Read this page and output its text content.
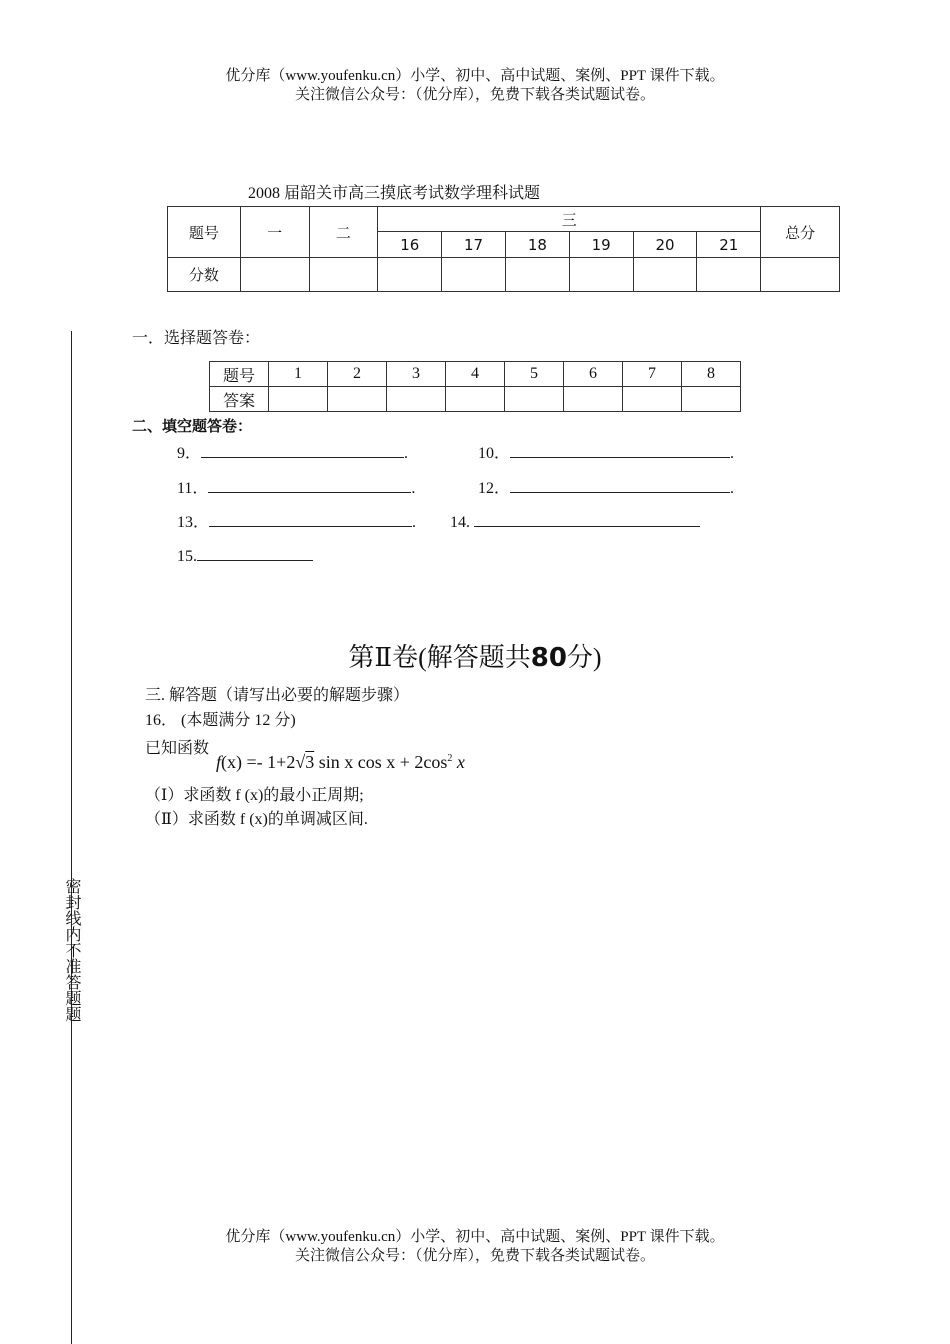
优分库（www.youfenku.cn）小学、初中、高中试题、案例、PPT 课件下载。
关注微信公众号：（优分库），免费下载各类试题试卷。
2008 届韶关市高三摸底考试数学理科试题
题号	一	二	三						总分
			16	17	18	19	20	21	
分数									
密封线内不准答题题
一．选择题答卷：
题号	1	2	3	4	5	6	7	8
答案								
二、填空题答卷：
9．	.	10．	.
11．	.	12．	.
13．	. 14.
15.
第Ⅱ卷(解答题共80分)
三. 解答题（请写出必要的解题步骤）
16． (本题满分 12 分)
已知函数
f(x) =- 1+2√3 sin x $\cos x + 2\cos^2$ x
（Ⅰ）求函数 f (x)的最小正周期;
（Ⅱ）求函数 f (x)的单调减区间.
优分库（www.youfenku.cn）小学、初中、高中试题、案例、PPT 课件下载。
关注微信公众号：（优分库），免费下载各类试题试卷。
